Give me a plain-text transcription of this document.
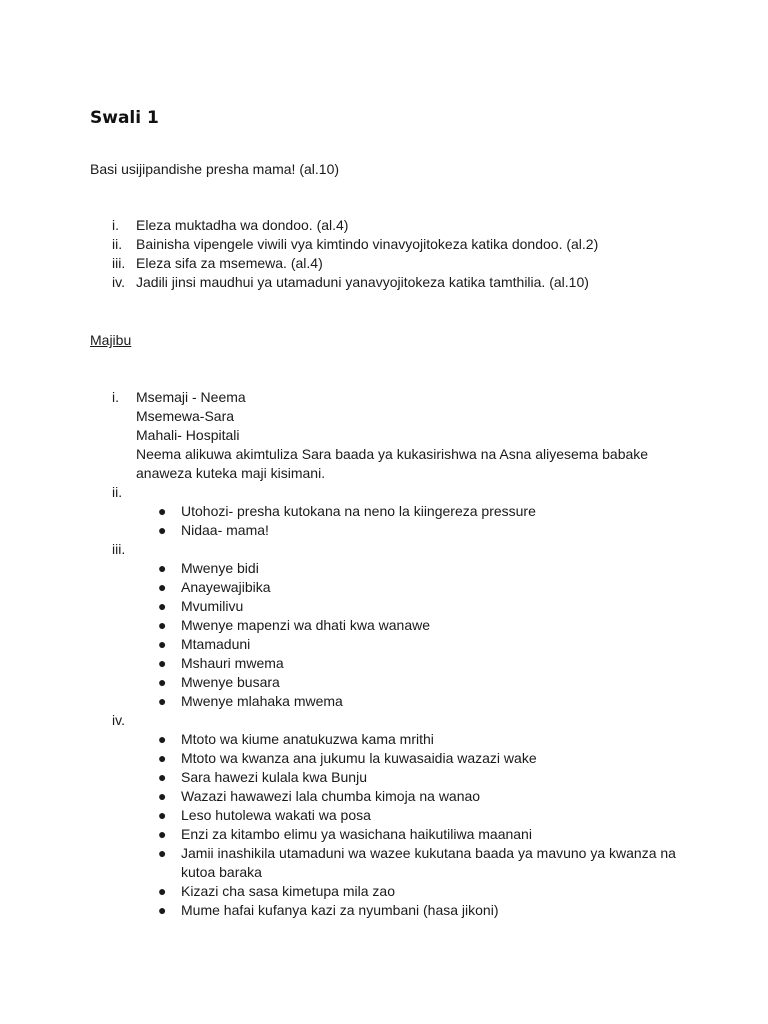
Swali 1
Basi usijipandishe presha mama! (al.10)
i.	Eleza muktadha wa dondoo. (al.4)
ii. Bainisha vipengele viwili vya kimtindo vinavyojitokeza katika dondoo. (al.2)
iii. Eleza sifa za msemewa. (al.4)
iv. Jadili jinsi maudhui ya utamaduni yanavyojitokeza katika tamthilia. (al.10)
Majibu
i.	Msemaji - Neema
Msemewa-Sara
Mahali- Hospitali
Neema alikuwa akimtuliza Sara baada ya kukasirishwa na Asna aliyesema babake
anaweza kuteka maji kisimani.
ii.
● Utohozi- presha kutokana na neno la kiingereza pressure
● Nidaa- mama!
iii.
● Mwenye bidi
● Anayewajibika
● Mvumilivu
● Mwenye mapenzi wa dhati kwa wanawe
● Mtamaduni
● Mshauri mwema
● Mwenye busara
● Mwenye mlahaka mwema
iv.
● Mtoto wa kiume anatukuzwa kama mrithi
● Mtoto wa kwanza ana jukumu la kuwasaidia wazazi wake
● Sara hawezi kulala kwa Bunju
● Wazazi hawawezi lala chumba kimoja na wanao
● Leso hutolewa wakati wa posa
● Enzi za kitambo elimu ya wasichana haikutiliwa maanani
● Jamii inashikila utamaduni wa wazee kukutana baada ya mavuno ya kwanza na kutoa baraka
● Kizazi cha sasa kimetupa mila zao
● Mume hafai kufanya kazi za nyumbani (hasa jikoni)
